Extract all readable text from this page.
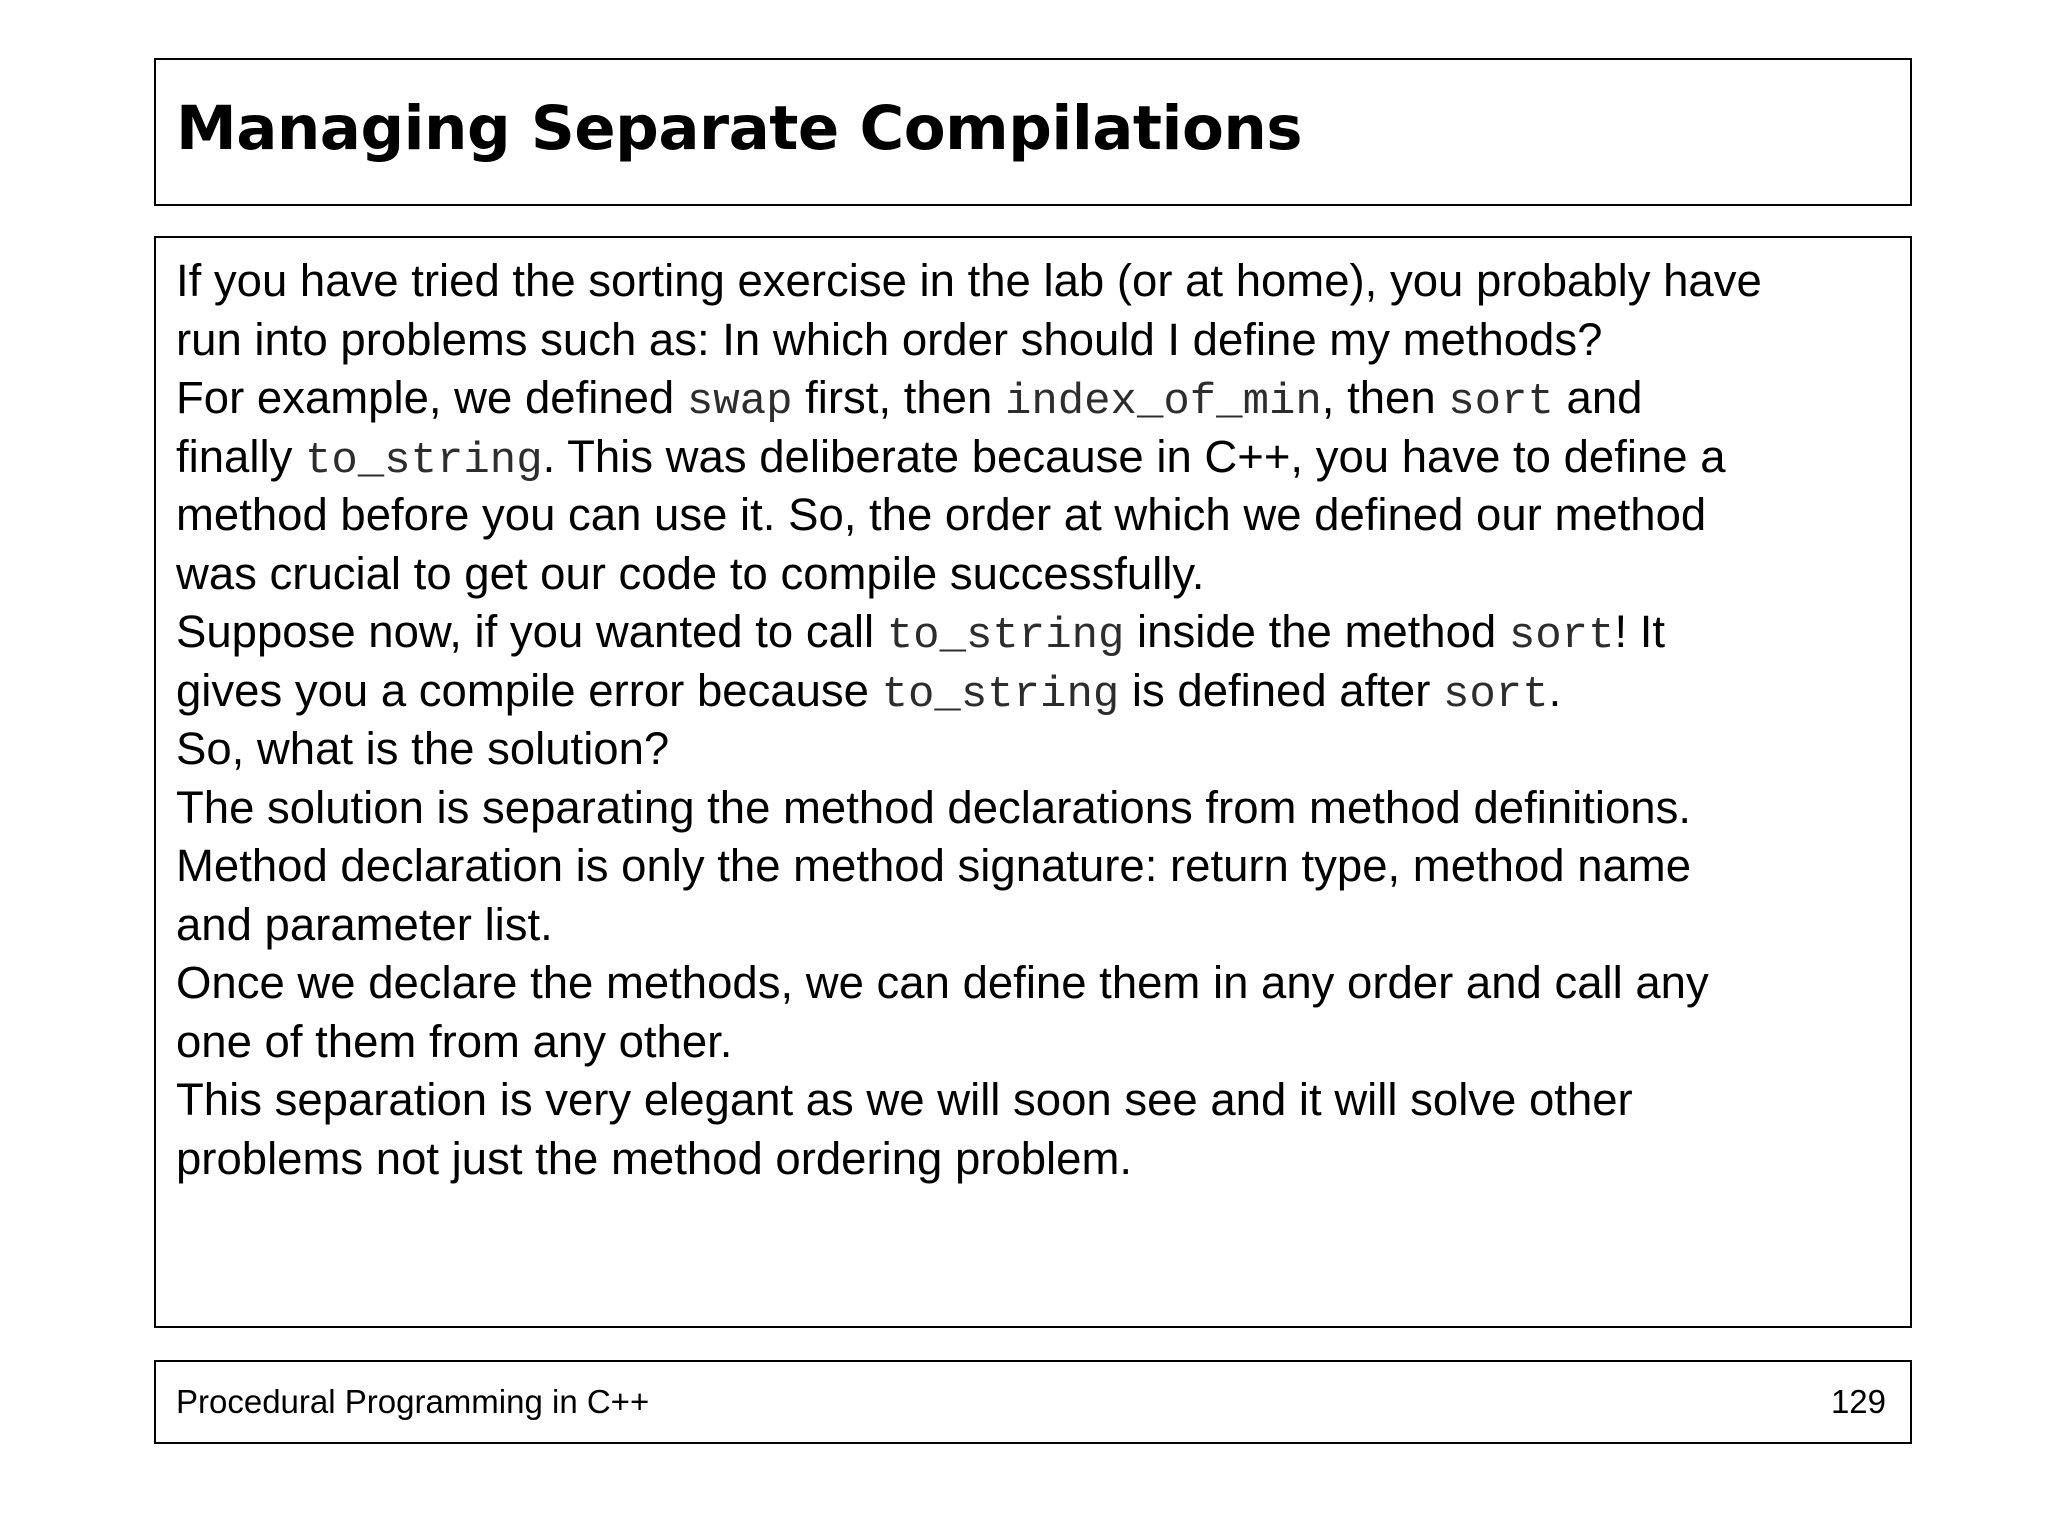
Managing Separate Compilations
If you have tried the sorting exercise in the lab (or at home), you probably have
run into problems such as: In which order should I define my methods?
For example, we defined swap first, then index_of_min, then sort and
finally to_string. This was deliberate because in C++, you have to define a
method before you can use it. So, the order at which we defined our method
was crucial to get our code to compile successfully.
Suppose now, if you wanted to call to_string inside the method sort! It
gives you a compile error because to_string is defined after sort.
So, what is the solution?
The solution is separating the method declarations from method definitions.
Method declaration is only the method signature: return type, method name
and parameter list.
Once we declare the methods, we can define them in any order and call any
one of them from any other.
This separation is very elegant as we will soon see and it will solve other
problems not just the method ordering problem.
Procedural Programming in C++	129
